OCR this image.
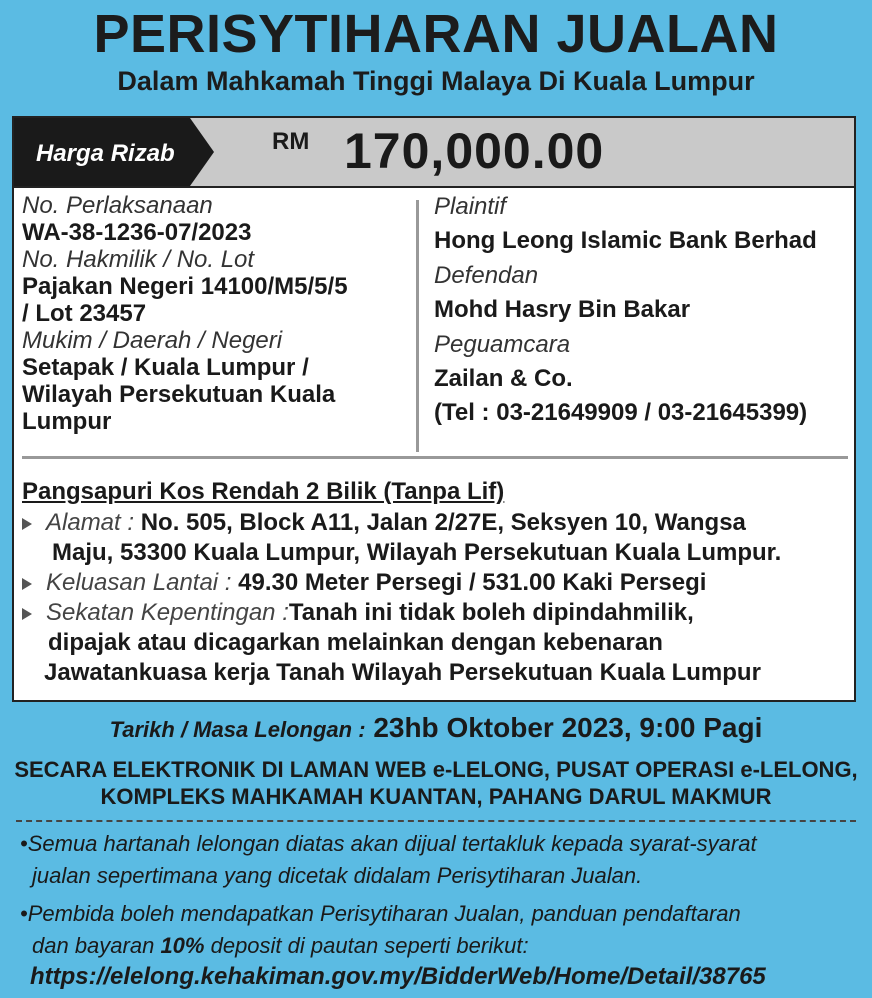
PERISYTIHARAN JUALAN
Dalam Mahkamah Tinggi Malaya Di Kuala Lumpur
Harga Rizab	RM 170,000.00
No. Perlaksanaan
WA-38-1236-07/2023
No. Hakmilik / No. Lot
Pajakan Negeri 14100/M5/5/5
/ Lot 23457
Mukim / Daerah / Negeri
Setapak / Kuala Lumpur /
Wilayah Persekutuan Kuala
Lumpur
Plaintif
Hong Leong Islamic Bank Berhad
Defendan
Mohd Hasry Bin Bakar
Peguamcara
Zailan & Co.
(Tel : 03-21649909 / 03-21645399)
Pangsapuri Kos Rendah 2 Bilik (Tanpa Lif)
Alamat : No. 505, Block A11, Jalan 2/27E, Seksyen 10, Wangsa
Maju, 53300 Kuala Lumpur, Wilayah Persekutuan Kuala Lumpur.
Keluasan Lantai : 49.30 Meter Persegi / 531.00 Kaki Persegi
Sekatan Kepentingan :Tanah ini tidak boleh dipindahmilik,
dipajak atau dicagarkan melainkan dengan kebenaran
Jawatankuasa kerja Tanah Wilayah Persekutuan Kuala Lumpur
Tarikh / Masa Lelongan : 23hb Oktober 2023, 9:00 Pagi
SECARA ELEKTRONIK DI LAMAN WEB e-LELONG, PUSAT OPERASI e-LELONG,
KOMPLEKS MAHKAMAH KUANTAN, PAHANG DARUL MAKMUR
•Semua hartanah lelongan diatas akan dijual tertakluk kepada syarat-syarat
jualan sepertimana yang dicetak didalam Perisytiharan Jualan.
•Pembida boleh mendapatkan Perisytiharan Jualan, panduan pendaftaran
dan bayaran 10% deposit di pautan seperti berikut:
https://elelong.kehakiman.gov.my/BidderWeb/Home/Detail/38765
